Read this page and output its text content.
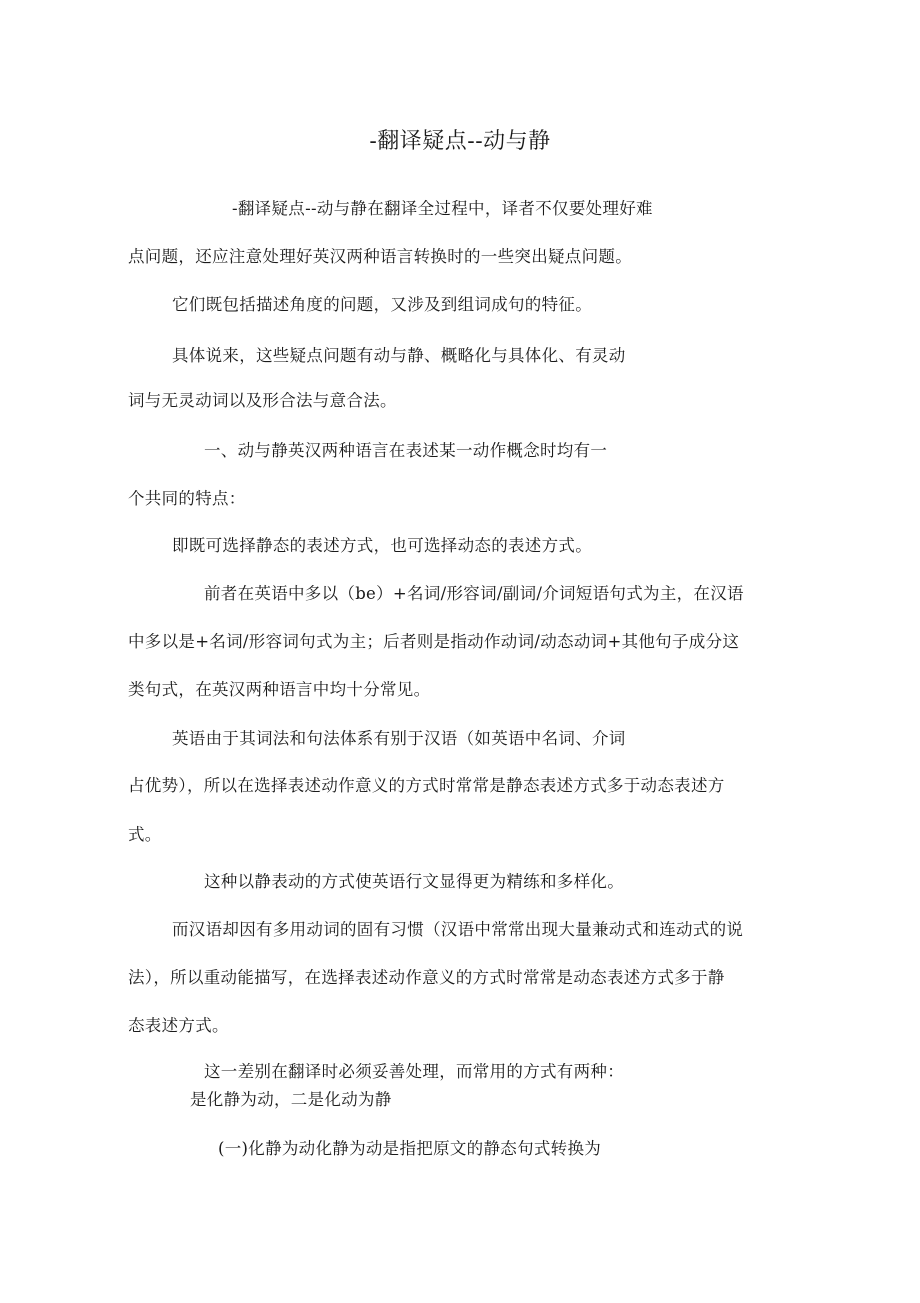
-翻译疑点--动与静
-翻译疑点--动与静在翻译全过程中，译者不仅要处理好难
点问题，还应注意处理好英汉两种语言转换时的一些突出疑点问题。
它们既包括描述角度的问题，又涉及到组词成句的特征。
具体说来，这些疑点问题有动与静、概略化与具体化、有灵动
词与无灵动词以及形合法与意合法。
一、动与静英汉两种语言在表述某一动作概念时均有一
个共同的特点：
即既可选择静态的表述方式，也可选择动态的表述方式。
前者在英语中多以（be）+名词/形容词/副词/介词短语句式为主，在汉语
中多以是+名词/形容词句式为主；后者则是指动作动词/动态动词+其他句子成分这
类句式，在英汉两种语言中均十分常见。
英语由于其词法和句法体系有别于汉语（如英语中名词、介词
占优势），所以在选择表述动作意义的方式时常常是静态表述方式多于动态表述方
式。
这种以静表动的方式使英语行文显得更为精练和多样化。
而汉语却因有多用动词的固有习惯（汉语中常常出现大量兼动式和连动式的说
法），所以重动能描写，在选择表述动作意义的方式时常常是动态表述方式多于静
态表述方式。
这一差别在翻译时必须妥善处理，而常用的方式有两种：
是化静为动，二是化动为静
(一)化静为动化静为动是指把原文的静态句式转换为
